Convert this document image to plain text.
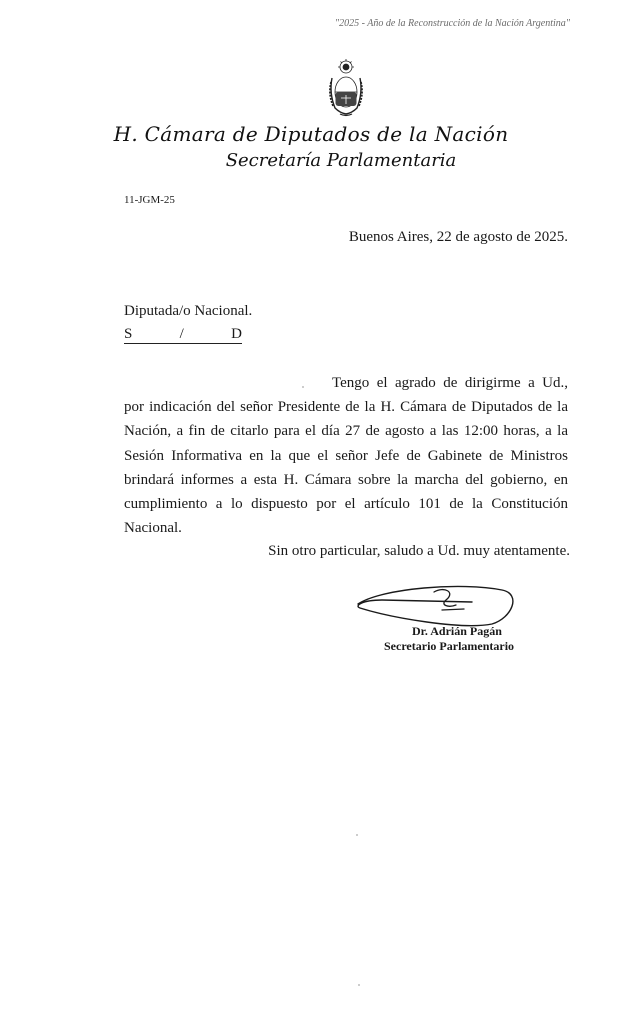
"2025 - Año de la Reconstrucción de la Nación Argentina"
H. Cámara de Diputados de la Nación
Secretaría Parlamentaria
11-JGM-25
Buenos Aires, 22 de agosto de 2025.
Diputada/o Nacional.
S	/	D
Tengo el agrado de dirigirme a Ud., por indicación del señor Presidente de la H. Cámara de Diputados de la Nación, a fin de citarlo para el día 27 de agosto a las 12:00 horas, a la Sesión Informativa en la que el señor Jefe de Gabinete de Ministros brindará informes a esta H. Cámara sobre la marcha del gobierno, en cumplimiento a lo dispuesto por el artículo 101 de la Constitución Nacional.
Sin otro particular, saludo a Ud. muy atentamente.
Dr. Adrián Pagán
Secretario Parlamentario
